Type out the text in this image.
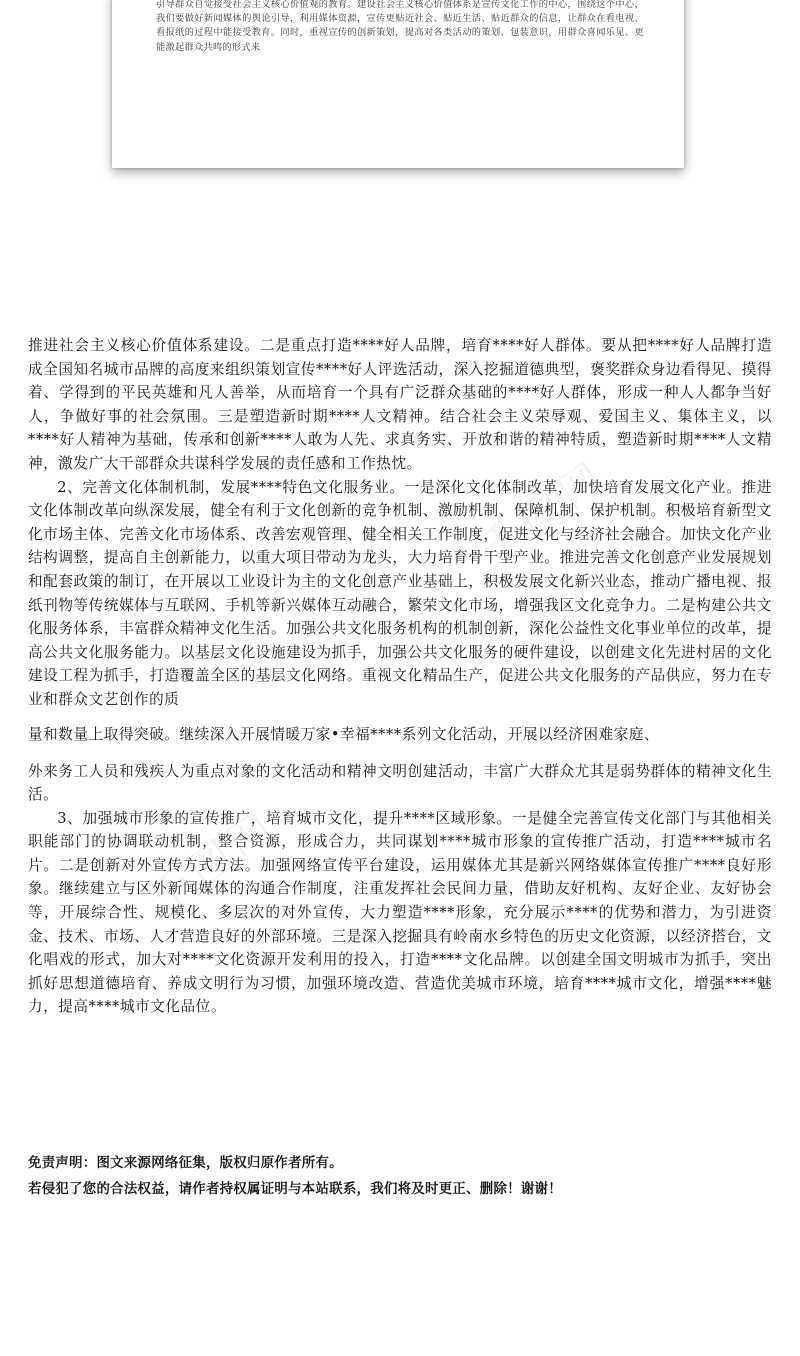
引导群众自觉接受社会主义核心价值观的教育。建设社会主义核心价值体系是宣传文化工作的中心，围绕这个中心，我们要做好新闻媒体的舆论引导，利用媒体资源，宣传更贴近社会、贴近生活、贴近群众的信息，让群众在看电视、看报纸的过程中能接受教育。同时，重视宣传的创新策划，提高对各类活动的策划、包装意识，用群众喜闻乐见、更能激起群众共鸣的形式来
千图网
千图网

推进社会主义核心价值体系建设。二是重点打造****好人品牌，培育****好人群体。要从把****好人品牌打造成全国知名城市品牌的高度来组织策划宣传****好人评选活动，深入挖掘道德典型，褒奖群众身边看得见、摸得着、学得到的平民英雄和凡人善举，从而培育一个具有广泛群众基础的****好人群体，形成一种人人都争当好人，争做好事的社会氛围。三是塑造新时期****人文精神。结合社会主义荣辱观、爱国主义、集体主义，以****好人精神为基础，传承和创新****人敢为人先、求真务实、开放和谐的精神特质，塑造新时期****人文精神，激发广大干部群众共谋科学发展的责任感和工作热忱。

2、完善文化体制机制，发展****特色文化服务业。一是深化文化体制改革，加快培育发展文化产业。推进文化体制改革向纵深发展，健全有利于文化创新的竞争机制、激励机制、保障机制、保护机制。积极培育新型文化市场主体、完善文化市场体系、改善宏观管理、健全相关工作制度，促进文化与经济社会融合。加快文化产业结构调整，提高自主创新能力，以重大项目带动为龙头，大力培育骨干型产业。推进完善文化创意产业发展规划和配套政策的制订，在开展以工业设计为主的文化创意产业基础上，积极发展文化新兴业态，推动广播电视、报纸刊物等传统媒体与互联网、手机等新兴媒体互动融合，繁荣文化市场，增强我区文化竞争力。二是构建公共文化服务体系，丰富群众精神文化生活。加强公共文化服务机构的机制创新，深化公益性文化事业单位的改革，提高公共文化服务能力。以基层文化设施建设为抓手，加强公共文化服务的硬件建设，以创建文化先进村居的文化建设工程为抓手，打造覆盖全区的基层文化网络。重视文化精品生产，促进公共文化服务的产品供应，努力在专业和群众文艺创作的质

量和数量上取得突破。继续深入开展情暖万家•幸福****系列文化活动，开展以经济困难家庭、

外来务工人员和残疾人为重点对象的文化活动和精神文明创建活动，丰富广大群众尤其是弱势群体的精神文化生活。

3、加强城市形象的宣传推广，培育城市文化，提升****区域形象。一是健全完善宣传文化部门与其他相关职能部门的协调联动机制，整合资源，形成合力，共同谋划****城市形象的宣传推广活动，打造****城市名片。二是创新对外宣传方式方法。加强网络宣传平台建设，运用媒体尤其是新兴网络媒体宣传推广****良好形象。继续建立与区外新闻媒体的沟通合作制度，注重发挥社会民间力量，借助友好机构、友好企业、友好协会等，开展综合性、规模化、多层次的对外宣传，大力塑造****形象，充分展示****的优势和潜力，为引进资金、技术、市场、人才营造良好的外部环境。三是深入挖掘具有岭南水乡特色的历史文化资源，以经济搭台，文化唱戏的形式，加大对****文化资源开发利用的投入，打造****文化品牌。以创建全国文明城市为抓手，突出抓好思想道德培育、养成文明行为习惯，加强环境改造、营造优美城市环境，培育****城市文化，增强****魅力，提高****城市文化品位。

免责声明：图文来源网络征集，版权归原作者所有。
若侵犯了您的合法权益，请作者持权属证明与本站联系，我们将及时更正、删除！谢谢！
